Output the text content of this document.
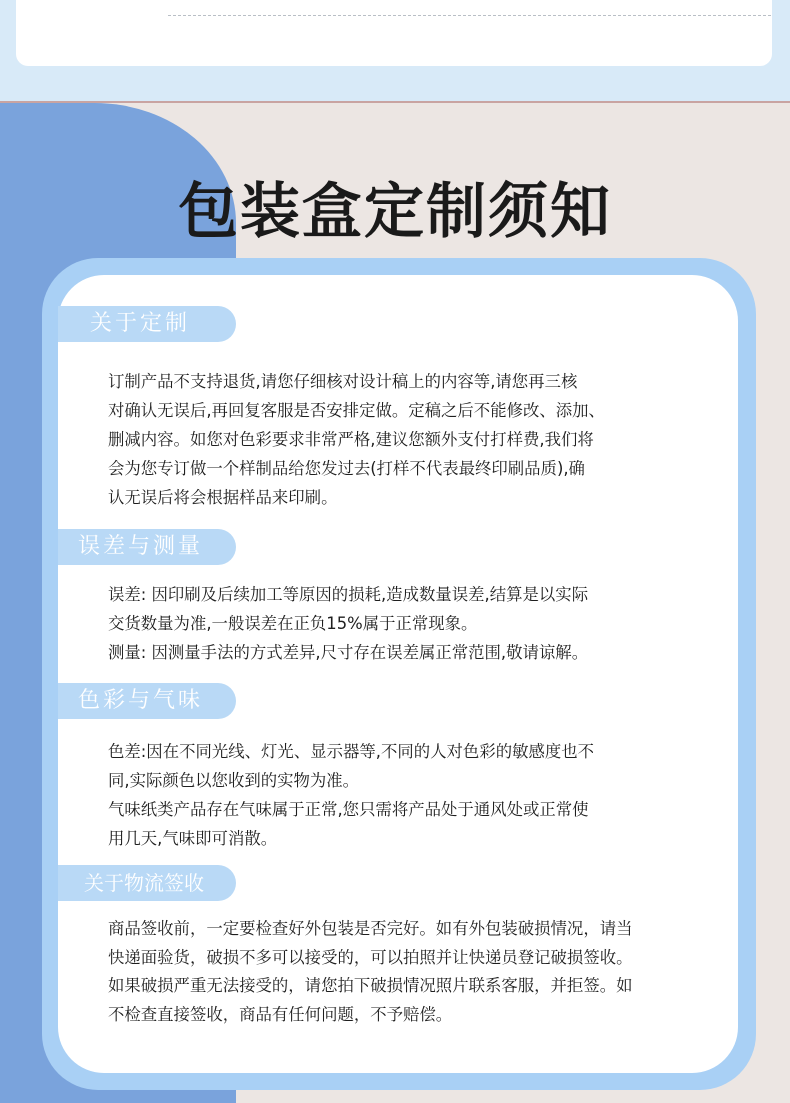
包装盒定制须知
关于定制
订制产品不支持退货,请您仔细核对设计稿上的内容等,请您再三核
对确认无误后,再回复客服是否安排定做。定稿之后不能修改、添加、
删减内容。如您对色彩要求非常严格,建议您额外支付打样费,我们将
会为您专订做一个样制品给您发过去(打样不代表最终印刷品质),确
认无误后将会根据样品来印刷。
误差与测量
误差: 因印刷及后续加工等原因的损耗,造成数量误差,结算是以实际
交货数量为准,一般误差在正负15%属于正常现象。
测量: 因测量手法的方式差异,尺寸存在误差属正常范围,敬请谅解。
色彩与气味
色差:因在不同光线、灯光、显示器等,不同的人对色彩的敏感度也不
同,实际颜色以您收到的实物为准。
气味纸类产品存在气味属于正常,您只需将产品处于通风处或正常使
用几天,气味即可消散。
关于物流签收
商品签收前，一定要检查好外包装是否完好。如有外包装破损情况，请当
快递面验货，破损不多可以接受的，可以拍照并让快递员登记破损签收。
如果破损严重无法接受的，请您拍下破损情况照片联系客服，并拒签。如
不检查直接签收，商品有任何问题，不予赔偿。
